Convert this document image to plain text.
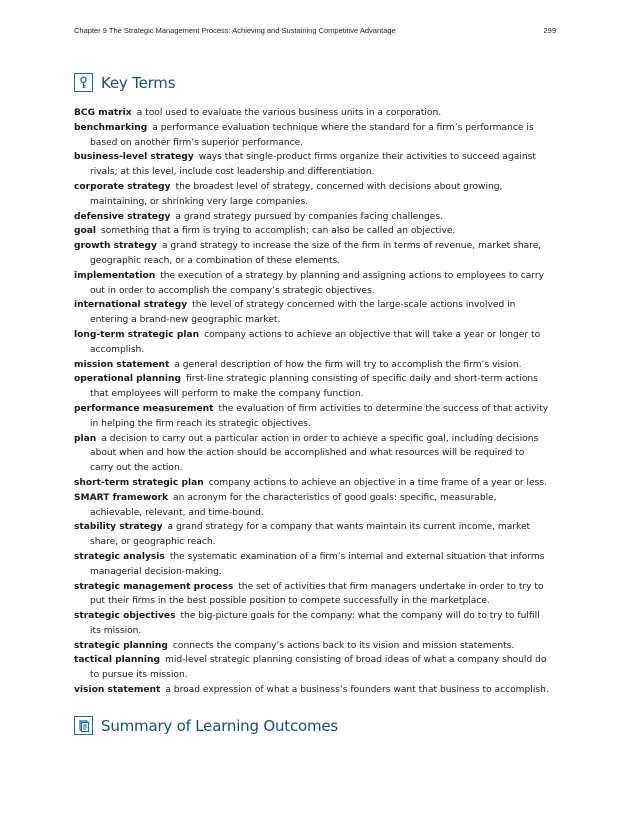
Chapter 9 The Strategic Management Process: Achieving and Sustaining Competitive Advantage	299
Key Terms
BCG matrix a tool used to evaluate the various business units in a corporation.
benchmarking a performance evaluation technique where the standard for a firm’s performance is based on another firm’s superior performance.
business-level strategy ways that single-product firms organize their activities to succeed against rivals; at this level, include cost leadership and differentiation.
corporate strategy the broadest level of strategy, concerned with decisions about growing, maintaining, or shrinking very large companies.
defensive strategy a grand strategy pursued by companies facing challenges.
goal something that a firm is trying to accomplish; can also be called an objective.
growth strategy a grand strategy to increase the size of the firm in terms of revenue, market share, geographic reach, or a combination of these elements.
implementation the execution of a strategy by planning and assigning actions to employees to carry out in order to accomplish the company’s strategic objectives.
international strategy the level of strategy concerned with the large-scale actions involved in entering a brand-new geographic market.
long-term strategic plan company actions to achieve an objective that will take a year or longer to accomplish.
mission statement a general description of how the firm will try to accomplish the firm’s vision.
operational planning first-line strategic planning consisting of specific daily and short-term actions that employees will perform to make the company function.
performance measurement the evaluation of firm activities to determine the success of that activity in helping the firm reach its strategic objectives.
plan a decision to carry out a particular action in order to achieve a specific goal, including decisions about when and how the action should be accomplished and what resources will be required to carry out the action.
short-term strategic plan company actions to achieve an objective in a time frame of a year or less.
SMART framework an acronym for the characteristics of good goals: specific, measurable, achievable, relevant, and time-bound.
stability strategy a grand strategy for a company that wants maintain its current income, market share, or geographic reach.
strategic analysis the systematic examination of a firm’s internal and external situation that informs managerial decision-making.
strategic management process the set of activities that firm managers undertake in order to try to put their firms in the best possible position to compete successfully in the marketplace.
strategic objectives the big-picture goals for the company: what the company will do to try to fulfill its mission.
strategic planning connects the company’s actions back to its vision and mission statements.
tactical planning mid-level strategic planning consisting of broad ideas of what a company should do to pursue its mission.
vision statement a broad expression of what a business’s founders want that business to accomplish.
Summary of Learning Outcomes
